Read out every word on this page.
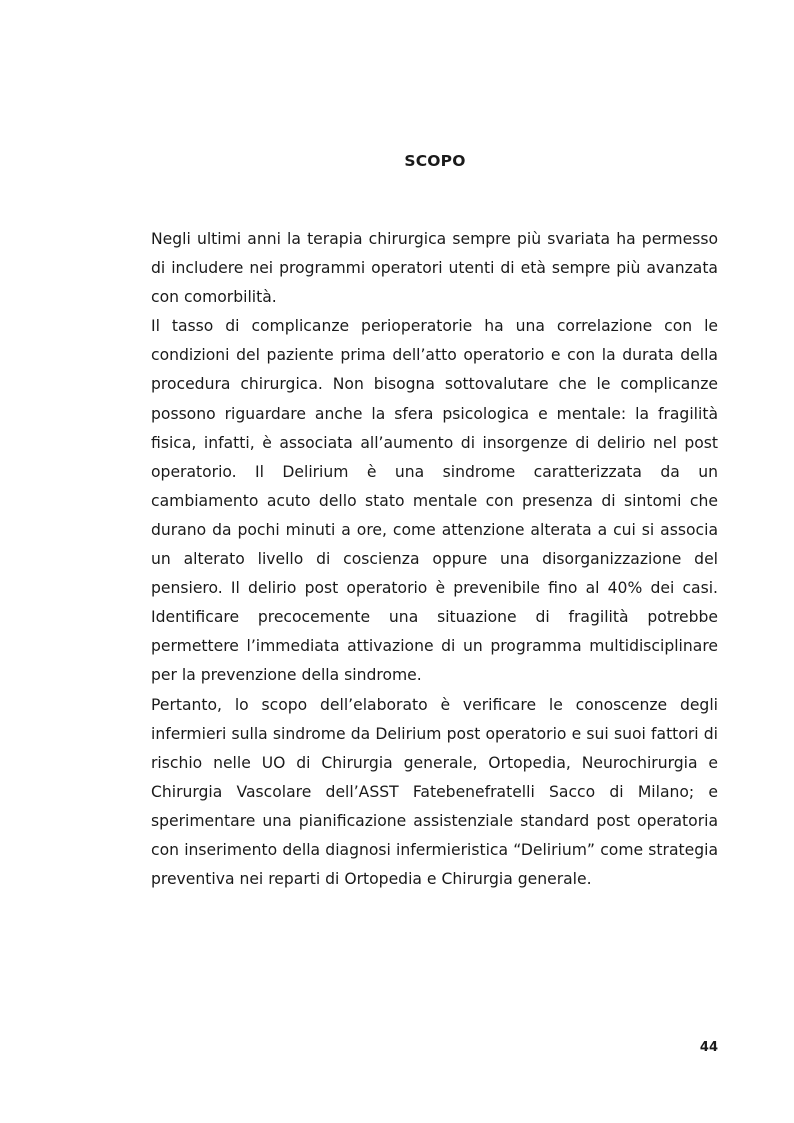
SCOPO

Negli ultimi anni la terapia chirurgica sempre più svariata ha permesso di includere nei programmi operatori utenti di età sempre più avanzata con comorbilità.

Il tasso di complicanze perioperatorie ha una correlazione con le condizioni del paziente prima dell’atto operatorio e con la durata della procedura chirurgica. Non bisogna sottovalutare che le complicanze possono riguardare anche la sfera psicologica e mentale: la fragilità fisica, infatti, è associata all’aumento di insorgenze di delirio nel post operatorio. Il Delirium è una sindrome caratterizzata da un cambiamento acuto dello stato mentale con presenza di sintomi che durano da pochi minuti a ore, come attenzione alterata a cui si associa un alterato livello di coscienza oppure una disorganizzazione del pensiero. Il delirio post operatorio è prevenibile fino al 40% dei casi. Identificare precocemente una situazione di fragilità potrebbe permettere l’immediata attivazione di un programma multidisciplinare per la prevenzione della sindrome.

Pertanto, lo scopo dell’elaborato è verificare le conoscenze degli infermieri sulla sindrome da Delirium post operatorio e sui suoi fattori di rischio nelle UO di Chirurgia generale, Ortopedia, Neurochirurgia e Chirurgia Vascolare dell’ASST Fatebenefratelli Sacco di Milano; e sperimentare una pianificazione assistenziale standard post operatoria con inserimento della diagnosi infermieristica “Delirium” come strategia preventiva nei reparti di Ortopedia e Chirurgia generale.

44
